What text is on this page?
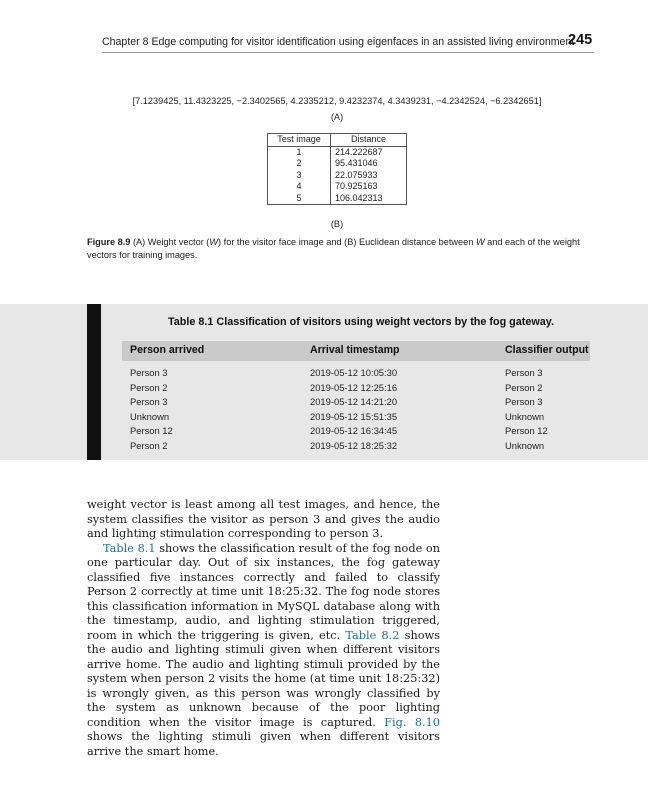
Chapter 8 Edge computing for visitor identification using eigenfaces in an assisted living environment
245
[7.1239425, 11.4323225, −2.3402565, 4.2335212, 9.4232374, 4.3439231, −4.2342524, −6.2342651]
(A)
Test image	Distance
1	214.222687
2	95.431046
3	22.075933
4	70.925163
5	106.042313
(B)
Figure 8.9 (A) Weight vector (W) for the visitor face image and (B) Euclidean distance between W and each of the weight vectors for training images.
Table 8.1 Classification of visitors using weight vectors by the fog gateway.
Person arrived	Arrival timestamp	Classifier output
Person 3	2019-05-12 10:05:30	Person 3
Person 2	2019-05-12 12:25:16	Person 2
Person 3	2019-05-12 14:21:20	Person 3
Unknown	2019-05-12 15:51:35	Unknown
Person 12	2019-05-12 16:34:45	Person 12
Person 2	2019-05-12 18:25:32	Unknown

weight vector is least among all test images, and hence, the system classifies the visitor as person 3 and gives the audio and lighting stimulation corresponding to person 3.

Table 8.1 shows the classification result of the fog node on one particular day. Out of six instances, the fog gateway classified five instances correctly and failed to classify Person 2 correctly at time unit 18:25:32. The fog node stores this classification information in MySQL database along with the timestamp, audio, and lighting stimulation triggered, room in which the triggering is given, etc. Table 8.2 shows the audio and lighting stimuli given when different visitors arrive home. The audio and lighting stimuli provided by the system when person 2 visits the home (at time unit 18:25:32) is wrongly given, as this person was wrongly classified by the system as unknown because of the poor lighting condition when the visitor image is captured. Fig. 8.10 shows the lighting stimuli given when different visitors arrive the smart home.
